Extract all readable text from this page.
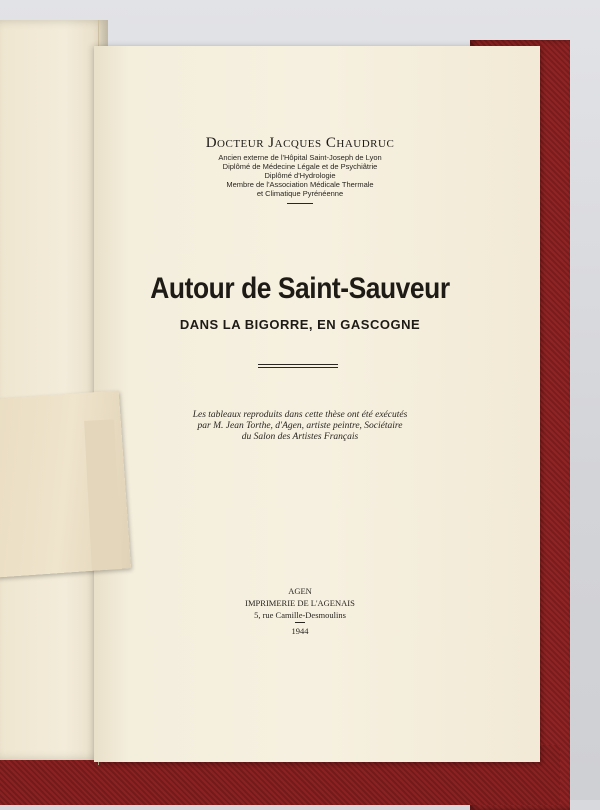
Docteur Jacques Chaudruc
Ancien externe de l'Hôpital Saint-Joseph de Lyon
Diplômé de Médecine Légale et de Psychiâtrie
Diplômé d'Hydrologie
Membre de l'Association Médicale Thermale
et Climatique Pyrénéenne
Autour de Saint-Sauveur
DANS LA BIGORRE, EN GASCOGNE
Les tableaux reproduits dans cette thèse ont été exécutés
par M. Jean Torthe, d'Agen, artiste peintre, Sociétaire
du Salon des Artistes Français
AGEN
IMPRIMERIE DE L'AGENAIS
5, rue Camille-Desmoulins
1944
